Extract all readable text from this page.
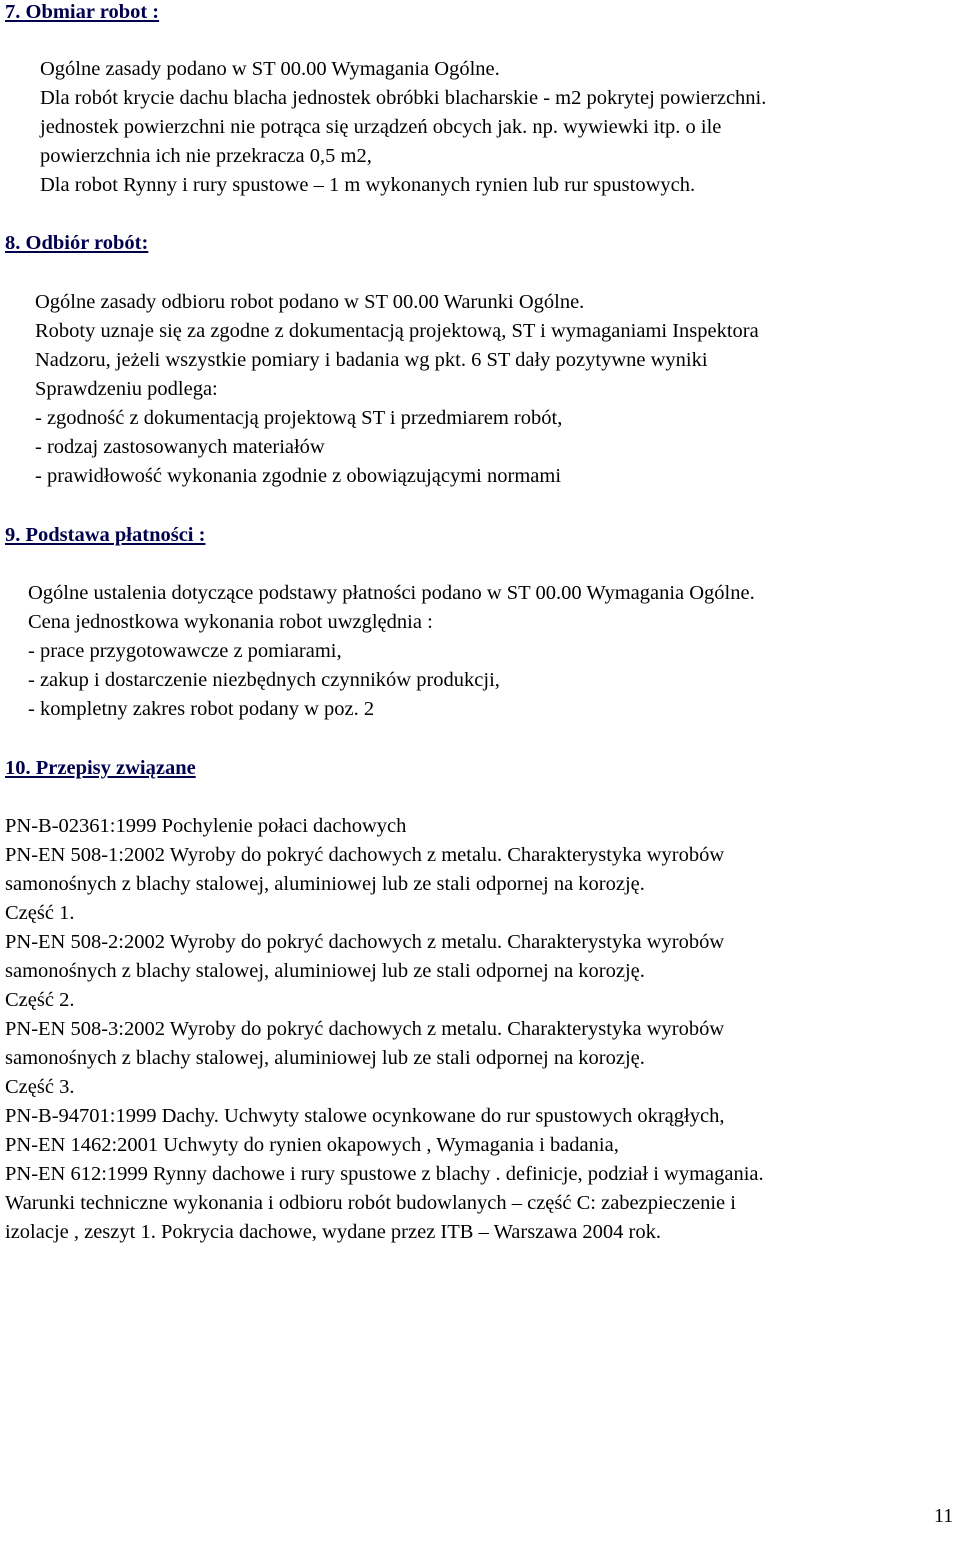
7. Obmiar robot :
Ogólne zasady podano w ST 00.00 Wymagania Ogólne.
Dla robót krycie dachu blacha jednostek obróbki blacharskie - m2 pokrytej powierzchni.
jednostek powierzchni nie potrąca się urządzeń obcych jak. np. wywiewki itp. o ile
powierzchnia ich nie przekracza 0,5 m2,
Dla robot Rynny i rury spustowe – 1 m wykonanych rynien lub rur spustowych.
8. Odbiór robót:
Ogólne zasady odbioru robot podano w ST 00.00 Warunki Ogólne.
Roboty uznaje się za zgodne z dokumentacją projektową, ST i wymaganiami Inspektora
Nadzoru, jeżeli wszystkie pomiary i badania wg pkt. 6 ST dały pozytywne wyniki
Sprawdzeniu podlega:
- zgodność z dokumentacją projektową ST i przedmiarem robót,
- rodzaj zastosowanych materiałów
- prawidłowość wykonania zgodnie z obowiązującymi normami
9. Podstawa płatności :
Ogólne ustalenia dotyczące podstawy płatności podano w ST 00.00 Wymagania Ogólne.
Cena jednostkowa wykonania robot uwzględnia :
- prace przygotowawcze z pomiarami,
- zakup i dostarczenie niezbędnych czynników produkcji,
- kompletny zakres robot podany w poz. 2
10. Przepisy związane
PN-B-02361:1999 Pochylenie połaci dachowych
PN-EN 508-1:2002 Wyroby do pokryć dachowych z metalu. Charakterystyka wyrobów
samonośnych z blachy stalowej, aluminiowej lub ze stali odpornej na korozję.
Część 1.
PN-EN 508-2:2002 Wyroby do pokryć dachowych z metalu. Charakterystyka wyrobów
samonośnych z blachy stalowej, aluminiowej lub ze stali odpornej na korozję.
Część 2.
PN-EN 508-3:2002 Wyroby do pokryć dachowych z metalu. Charakterystyka wyrobów
samonośnych z blachy stalowej, aluminiowej lub ze stali odpornej na korozję.
Część 3.
PN-B-94701:1999 Dachy. Uchwyty stalowe ocynkowane do rur spustowych okrągłych,
PN-EN 1462:2001 Uchwyty do rynien okapowych , Wymagania i badania,
PN-EN 612:1999 Rynny dachowe i rury spustowe z blachy . definicje, podział i wymagania.
Warunki techniczne wykonania i odbioru robót budowlanych – część C: zabezpieczenie i
izolacje , zeszyt 1. Pokrycia dachowe, wydane przez ITB – Warszawa 2004 rok.
11
